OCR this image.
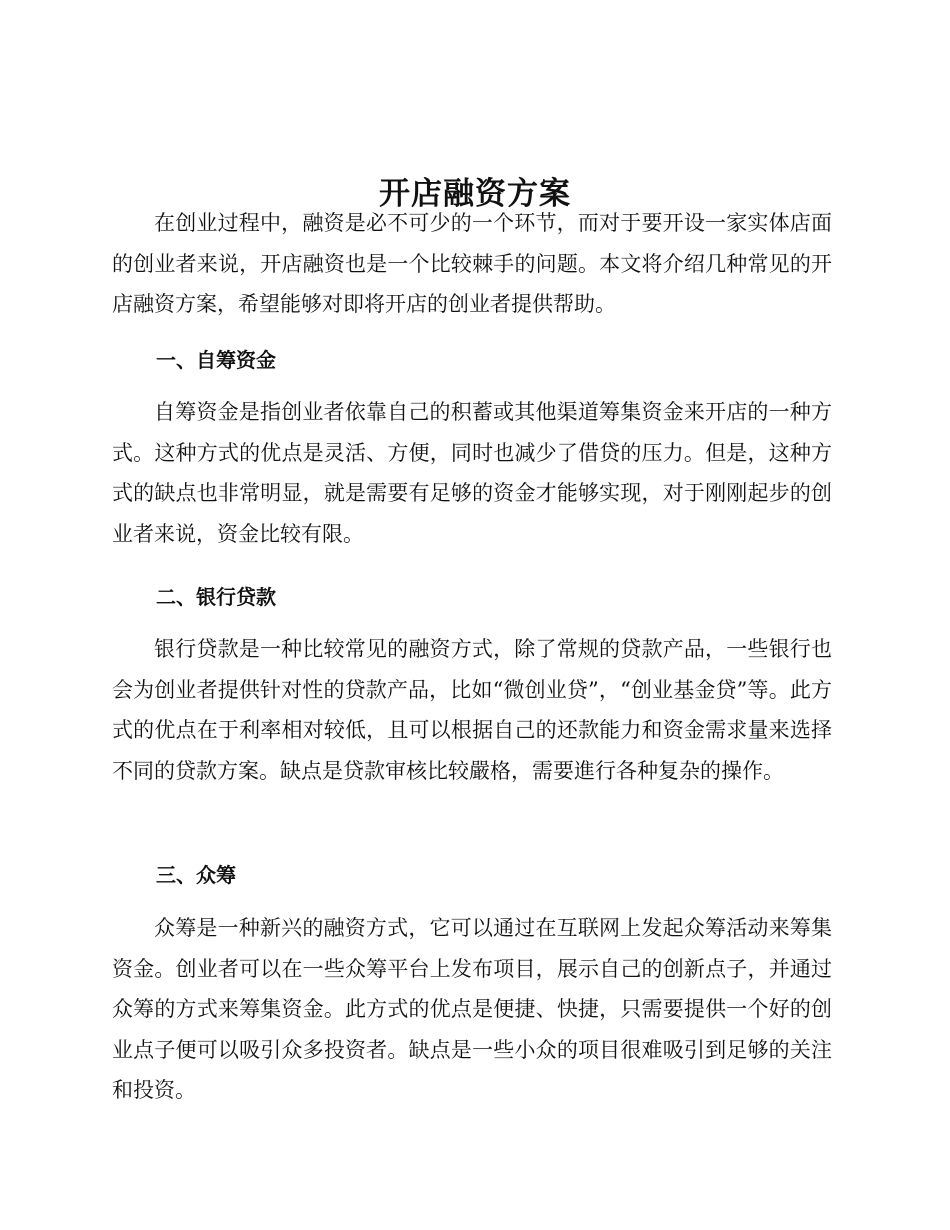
开店融资方案

在创业过程中，融资是必不可少的一个环节，而对于要开设一家实体店面的创业者来说，开店融资也是一个比较棘手的问题。本文将介绍几种常见的开店融资方案，希望能够对即将开店的创业者提供帮助。

一、自筹资金

自筹资金是指创业者依靠自己的积蓄或其他渠道筹集资金来开店的一种方式。这种方式的优点是灵活、方便，同时也减少了借贷的压力。但是，这种方式的缺点也非常明显，就是需要有足够的资金才能够实现，对于刚刚起步的创业者来说，资金比较有限。

二、银行贷款

银行贷款是一种比较常见的融资方式，除了常规的贷款产品，一些银行也会为创业者提供针对性的贷款产品，比如“微创业贷”，“创业基金贷”等。此方式的优点在于利率相对较低，且可以根据自己的还款能力和资金需求量来选择不同的贷款方案。缺点是贷款审核比较嚴格，需要進行各种复杂的操作。

三、众筹

众筹是一种新兴的融资方式，它可以通过在互联网上发起众筹活动来筹集资金。创业者可以在一些众筹平台上发布项目，展示自己的创新点子，并通过众筹的方式来筹集资金。此方式的优点是便捷、快捷，只需要提供一个好的创业点子便可以吸引众多投资者。缺点是一些小众的项目很难吸引到足够的关注和投资。
